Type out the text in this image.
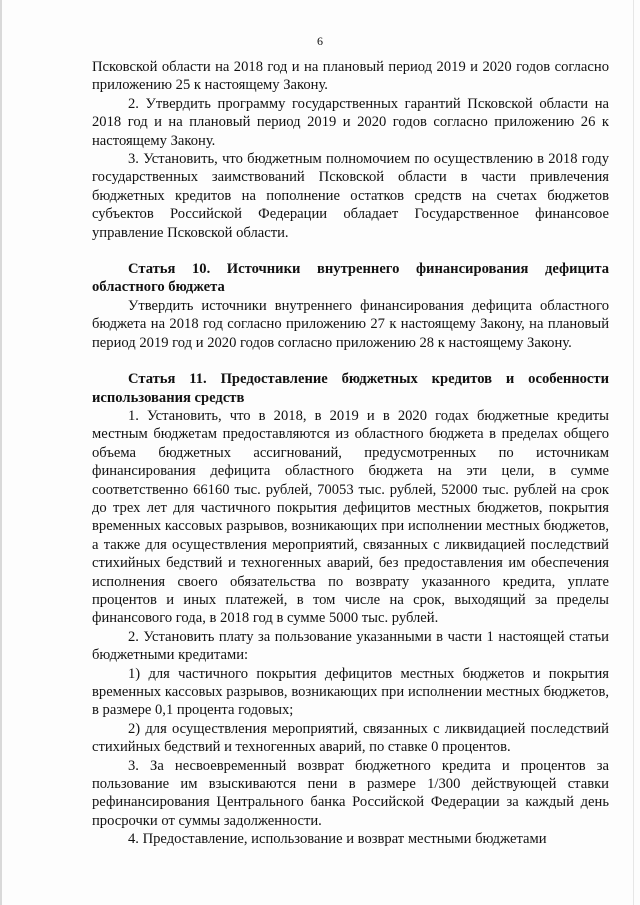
6

Псковской области на 2018 год и на плановый период 2019 и 2020 годов согласно приложению 25 к настоящему Закону.

2. Утвердить программу государственных гарантий Псковской области на 2018 год и на плановый период 2019 и 2020 годов согласно приложению 26 к настоящему Закону.

3. Установить, что бюджетным полномочием по осуществлению в 2018 году государственных заимствований Псковской области в части привлечения бюджетных кредитов на пополнение остатков средств на счетах бюджетов субъектов Российской Федерации обладает Государственное финансовое управление Псковской области.

Статья 10. Источники внутреннего финансирования дефицита областного бюджета

Утвердить источники внутреннего финансирования дефицита областного бюджета на 2018 год согласно приложению 27 к настоящему Закону, на плановый период 2019 год и 2020 годов согласно приложению 28 к настоящему Закону.

Статья 11. Предоставление бюджетных кредитов и особенности использования средств

1. Установить, что в 2018, в 2019 и в 2020 годах бюджетные кредиты местным бюджетам предоставляются из областного бюджета в пределах общего объема бюджетных ассигнований, предусмотренных по источникам финансирования дефицита областного бюджета на эти цели, в сумме соответственно 66160 тыс. рублей, 70053 тыс. рублей, 52000 тыс. рублей на срок до трех лет для частичного покрытия дефицитов местных бюджетов, покрытия временных кассовых разрывов, возникающих при исполнении местных бюджетов, а также для осуществления мероприятий, связанных с ликвидацией последствий стихийных бедствий и техногенных аварий, без предоставления им обеспечения исполнения своего обязательства по возврату указанного кредита, уплате процентов и иных платежей, в том числе на срок, выходящий за пределы финансового года, в 2018 год в сумме 5000 тыс. рублей.

2. Установить плату за пользование указанными в части 1 настоящей статьи бюджетными кредитами:

1) для частичного покрытия дефицитов местных бюджетов и покрытия временных кассовых разрывов, возникающих при исполнении местных бюджетов, в размере 0,1 процента годовых;

2) для осуществления мероприятий, связанных с ликвидацией последствий стихийных бедствий и техногенных аварий, по ставке 0 процентов.

3. За несвоевременный возврат бюджетного кредита и процентов за пользование им взыскиваются пени в размере 1/300 действующей ставки рефинансирования Центрального банка Российской Федерации за каждый день просрочки от суммы задолженности.

4. Предоставление, использование и возврат местными бюджетами
